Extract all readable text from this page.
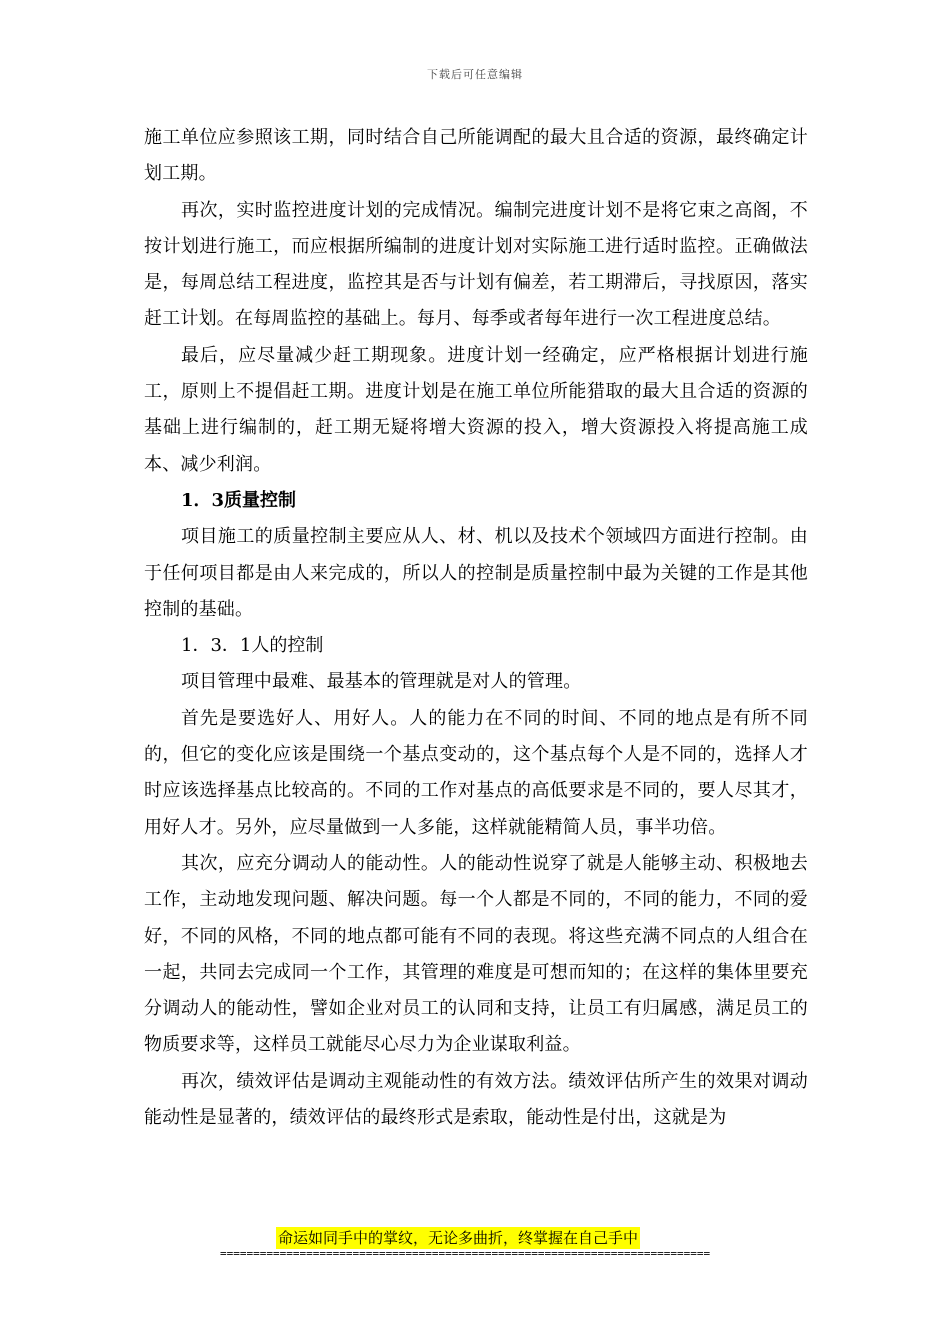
下载后可任意编辑

施工单位应参照该工期，同时结合自己所能调配的最大且合适的资源，最终确定计划工期。

再次，实时监控进度计划的完成情况。编制完进度计划不是将它束之高阁，不按计划进行施工，而应根据所编制的进度计划对实际施工进行适时监控。正确做法是，每周总结工程进度，监控其是否与计划有偏差，若工期滞后，寻找原因，落实赶工计划。在每周监控的基础上。每月、每季或者每年进行一次工程进度总结。

最后，应尽量减少赶工期现象。进度计划一经确定，应严格根据计划进行施工，原则上不提倡赶工期。进度计划是在施工单位所能猎取的最大且合适的资源的基础上进行编制的，赶工期无疑将增大资源的投入，增大资源投入将提高施工成本、减少利润。

1．3质量控制

项目施工的质量控制主要应从人、材、机以及技术个领域四方面进行控制。由于任何项目都是由人来完成的，所以人的控制是质量控制中最为关键的工作是其他控制的基础。

1．3．1人的控制

项目管理中最难、最基本的管理就是对人的管理。

首先是要选好人、用好人。人的能力在不同的时间、不同的地点是有所不同的，但它的变化应该是围绕一个基点变动的，这个基点每个人是不同的，选择人才时应该选择基点比较高的。不同的工作对基点的高低要求是不同的，要人尽其才，用好人才。另外，应尽量做到一人多能，这样就能精简人员，事半功倍。

其次，应充分调动人的能动性。人的能动性说穿了就是人能够主动、积极地去工作，主动地发现问题、解决问题。每一个人都是不同的，不同的能力，不同的爱好，不同的风格，不同的地点都可能有不同的表现。将这些充满不同点的人组合在一起，共同去完成同一个工作，其管理的难度是可想而知的；在这样的集体里要充分调动人的能动性，譬如企业对员工的认同和支持，让员工有归属感，满足员工的物质要求等，这样员工就能尽心尽力为企业谋取利益。

再次，绩效评估是调动主观能动性的有效方法。绩效评估所产生的效果对调动能动性是显著的，绩效评估的最终形式是索取，能动性是付出，这就是为

命运如同手中的掌纹，无论多曲折，终掌握在自己手中
==========================================================================
